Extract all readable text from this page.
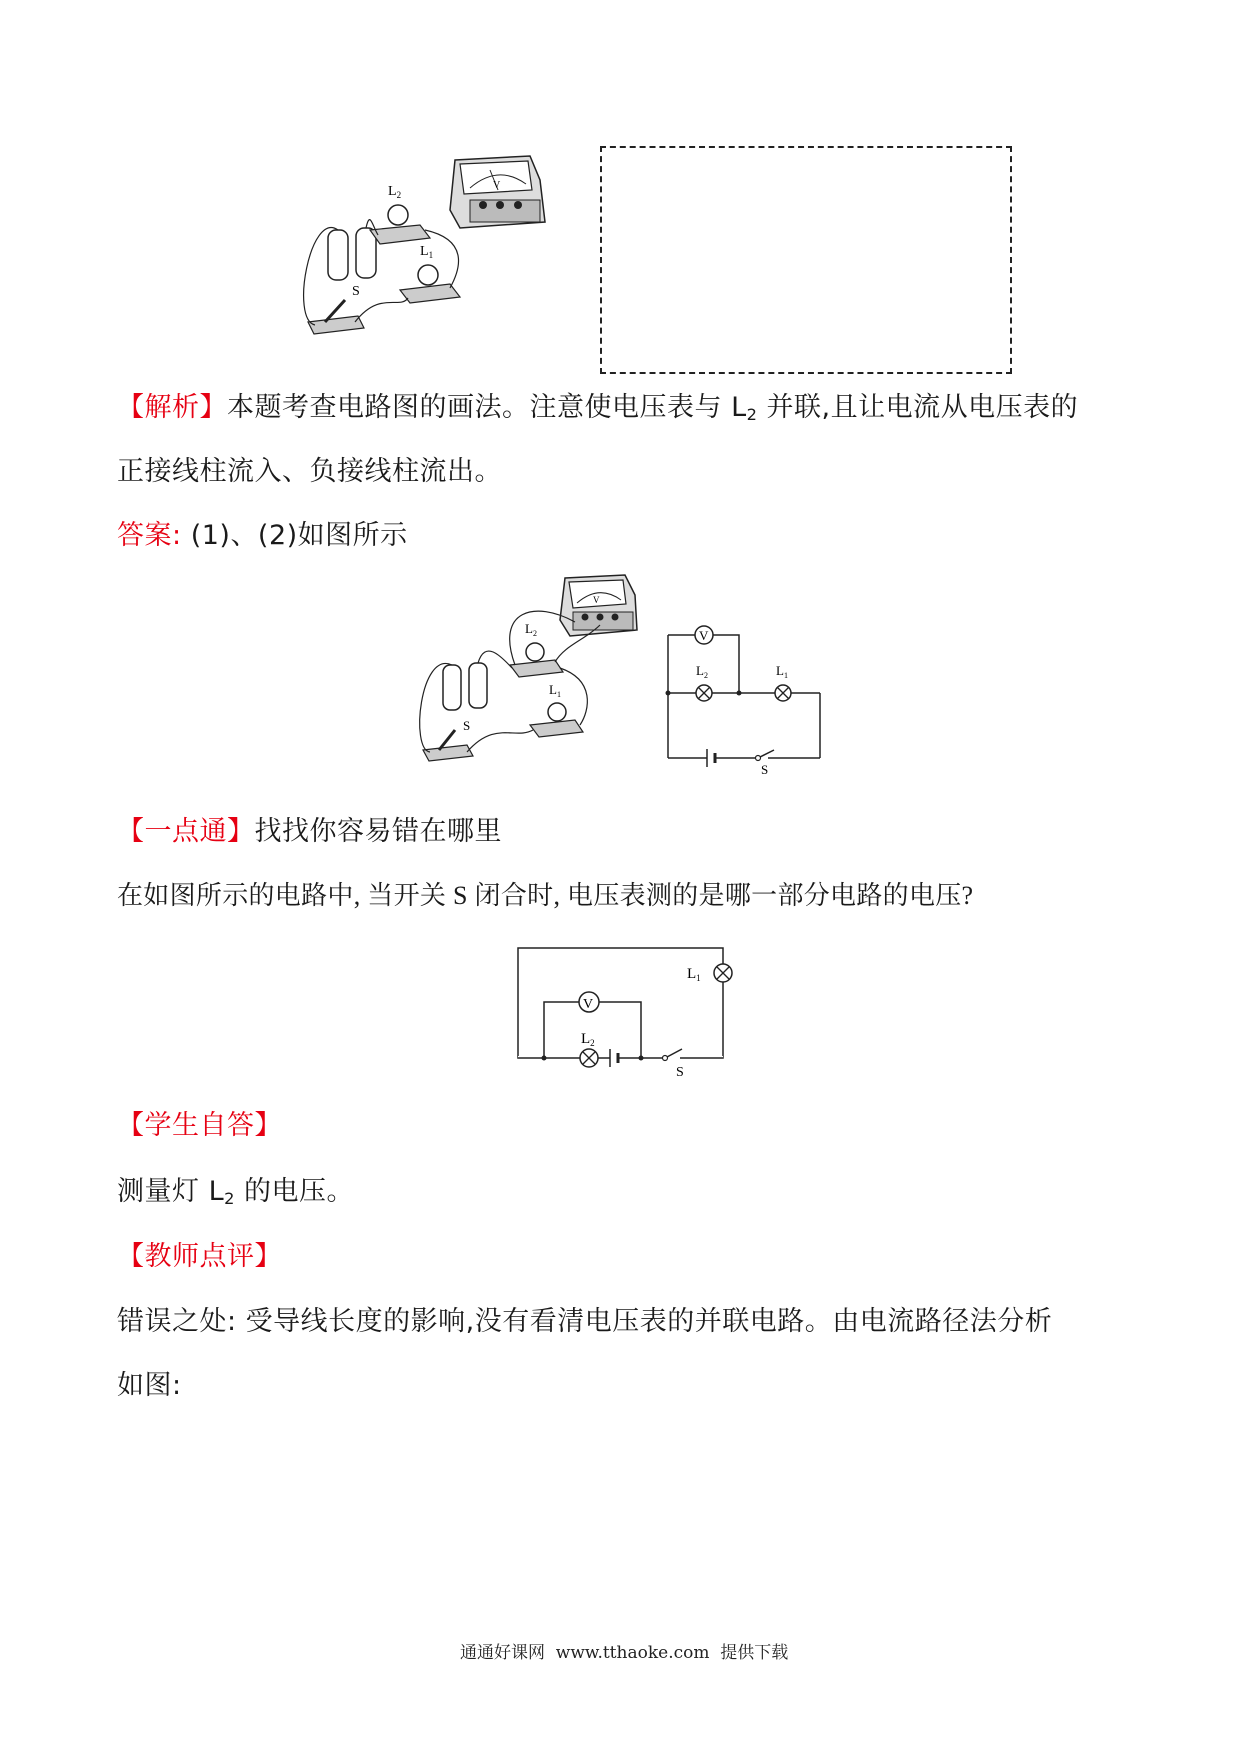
V
$L_2$
$L_1$
S
【解析】本题考查电路图的画法。注意使电压表与 $L_2$ 并联,且让电流从电压表的
正接线柱流入、负接线柱流出。
答案: (1)、(2)如图所示
V
$L_2$
$L_1$
S
V
$L_2$	$L_1$
S
【一点通】找找你容易错在哪里
在如图所示的电路中, 当开关 S 闭合时, 电压表测的是哪一部分电路的电压?
V
$L_1$
$L_2$
S
【学生自答】
测量灯 $L_2$ 的电压。
【教师点评】
错误之处: 受导线长度的影响,没有看清电压表的并联电路。由电流路径法分析
如图:
通通好课网  www.tthaoke.com  提供下载
